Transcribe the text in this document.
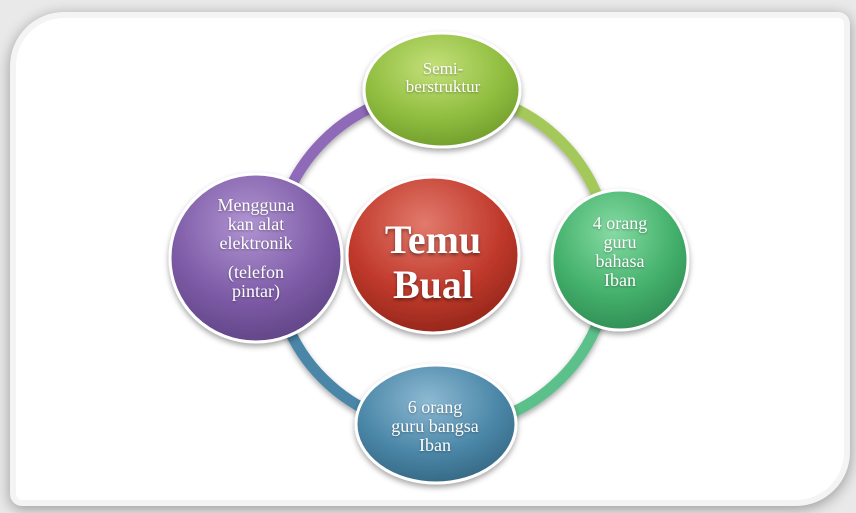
Semi-
berstruktur
4 orang
guru
bahasa
Iban
6 orang
guru bangsa
Iban
Mengguna
kan alat
elektronik
(telefon
pintar)
Temu
Bual
